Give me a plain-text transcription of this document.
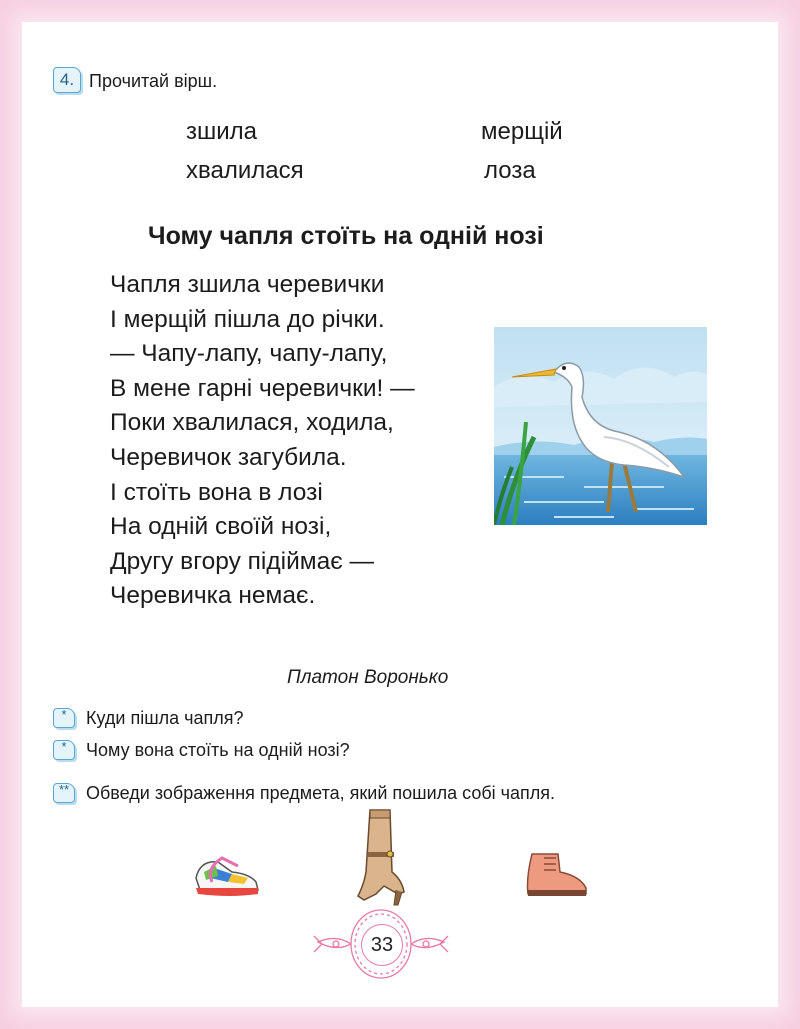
4. Прочитай вірш.
зшила
хвалилася
мерщій
лоза
Чому чапля стоїть на одній нозі
Чапля зшила черевички
І мерщій пішла до річки.
— Чапу-лапу, чапу-лапу,
В мене гарні черевички! —
Поки хвалилася, ходила,
Черевичок загубила.
І стоїть вона в лозі
На одній своїй нозі,
Другу вгору підіймає —
Черевичка немає.
Платон Воронько
*	Куди пішла чапля?
*	Чому вона стоїть на одній нозі?
** Обведи зображення предмета, який пошила собі чапля.
33
